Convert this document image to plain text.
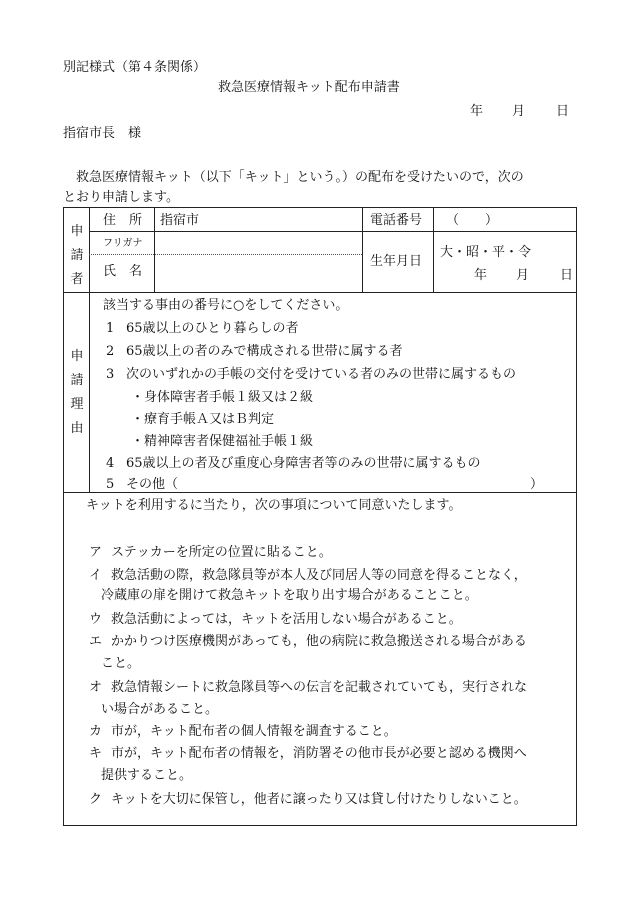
別記様式（第４条関係）
救急医療情報キット配布申請書
年 月 日
指宿市長　様
救急医療情報キット（以下「キット」という。）の配布を受けたいので，次の
とおり申請します。
申
請
者
住　所 指宿市	電話番号 （　　）
フリガナ
氏　名
生年月日
大・昭・平・令
年 月 日
申
請
理
由
該当する事由の番号に○をしてください。
1 65歳以上のひとり暮らしの者
2 65歳以上の者のみで構成される世帯に属する者
3 次のいずれかの手帳の交付を受けている者のみの世帯に属するもの
・身体障害者手帳１級又は２級
・療育手帳Ａ又はＢ判定
・精神障害者保健福祉手帳１級
4 65歳以上の者及び重度心身障害者等のみの世帯に属するもの
5 その他（	）
キットを利用するに当たり，次の事項について同意いたします。
ア ステッカーを所定の位置に貼ること。
イ 救急活動の際，救急隊員等が本人及び同居人等の同意を得ることなく，
冷蔵庫の扉を開けて救急キットを取り出す場合があることこと。
ウ 救急活動によっては，キットを活用しない場合があること。
エ かかりつけ医療機関があっても，他の病院に救急搬送される場合がある
こと。
オ 救急情報シートに救急隊員等への伝言を記載されていても，実行されな
い場合があること。
カ 市が，キット配布者の個人情報を調査すること。
キ 市が，キット配布者の情報を，消防署その他市長が必要と認める機関へ
提供すること。
ク キットを大切に保管し，他者に譲ったり又は貸し付けたりしないこと。
